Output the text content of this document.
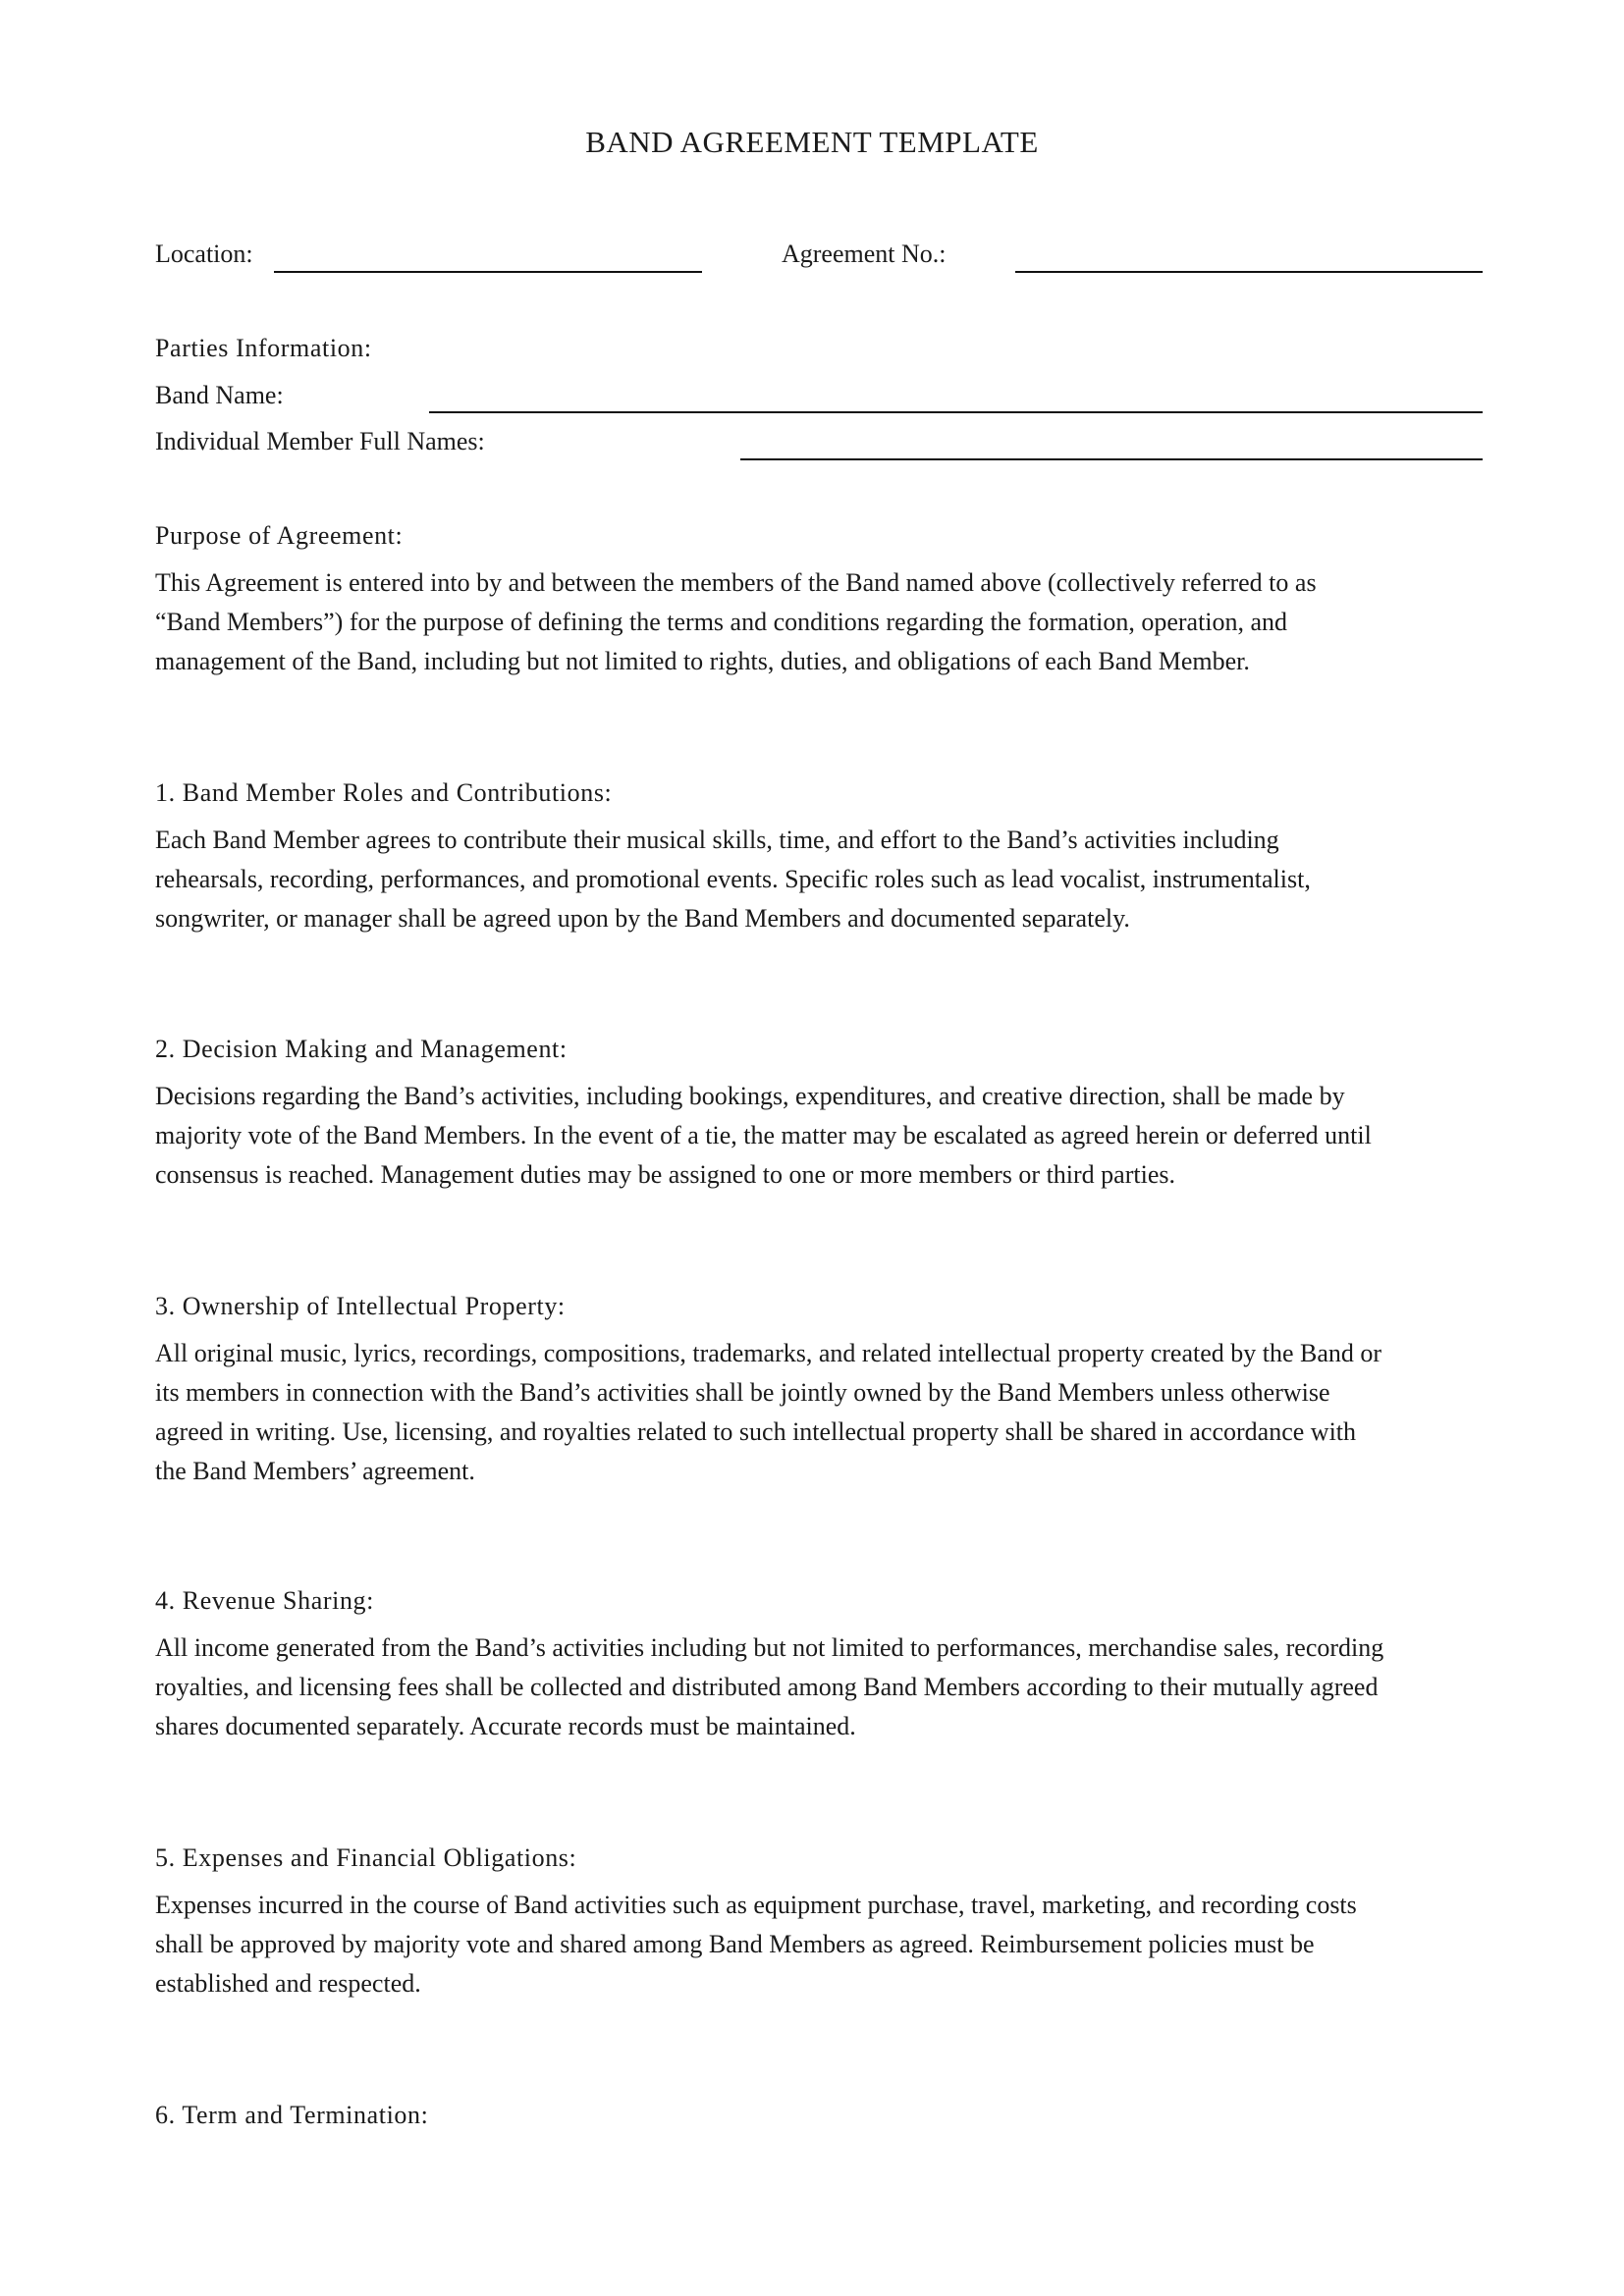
BAND AGREEMENT TEMPLATE
Location:	Agreement No.:
Parties Information:
Band Name:
Individual Member Full Names:
Purpose of Agreement:
This Agreement is entered into by and between the members of the Band named above (collectively referred to as
“Band Members”) for the purpose of defining the terms and conditions regarding the formation, operation, and
management of the Band, including but not limited to rights, duties, and obligations of each Band Member.
1. Band Member Roles and Contributions:
Each Band Member agrees to contribute their musical skills, time, and effort to the Band’s activities including
rehearsals, recording, performances, and promotional events. Specific roles such as lead vocalist, instrumentalist,
songwriter, or manager shall be agreed upon by the Band Members and documented separately.
2. Decision Making and Management:
Decisions regarding the Band’s activities, including bookings, expenditures, and creative direction, shall be made by
majority vote of the Band Members. In the event of a tie, the matter may be escalated as agreed herein or deferred until
consensus is reached. Management duties may be assigned to one or more members or third parties.
3. Ownership of Intellectual Property:
All original music, lyrics, recordings, compositions, trademarks, and related intellectual property created by the Band or
its members in connection with the Band’s activities shall be jointly owned by the Band Members unless otherwise
agreed in writing. Use, licensing, and royalties related to such intellectual property shall be shared in accordance with
the Band Members’ agreement.
4. Revenue Sharing:
All income generated from the Band’s activities including but not limited to performances, merchandise sales, recording
royalties, and licensing fees shall be collected and distributed among Band Members according to their mutually agreed
shares documented separately. Accurate records must be maintained.
5. Expenses and Financial Obligations:
Expenses incurred in the course of Band activities such as equipment purchase, travel, marketing, and recording costs
shall be approved by majority vote and shared among Band Members as agreed. Reimbursement policies must be
established and respected.
6. Term and Termination:
